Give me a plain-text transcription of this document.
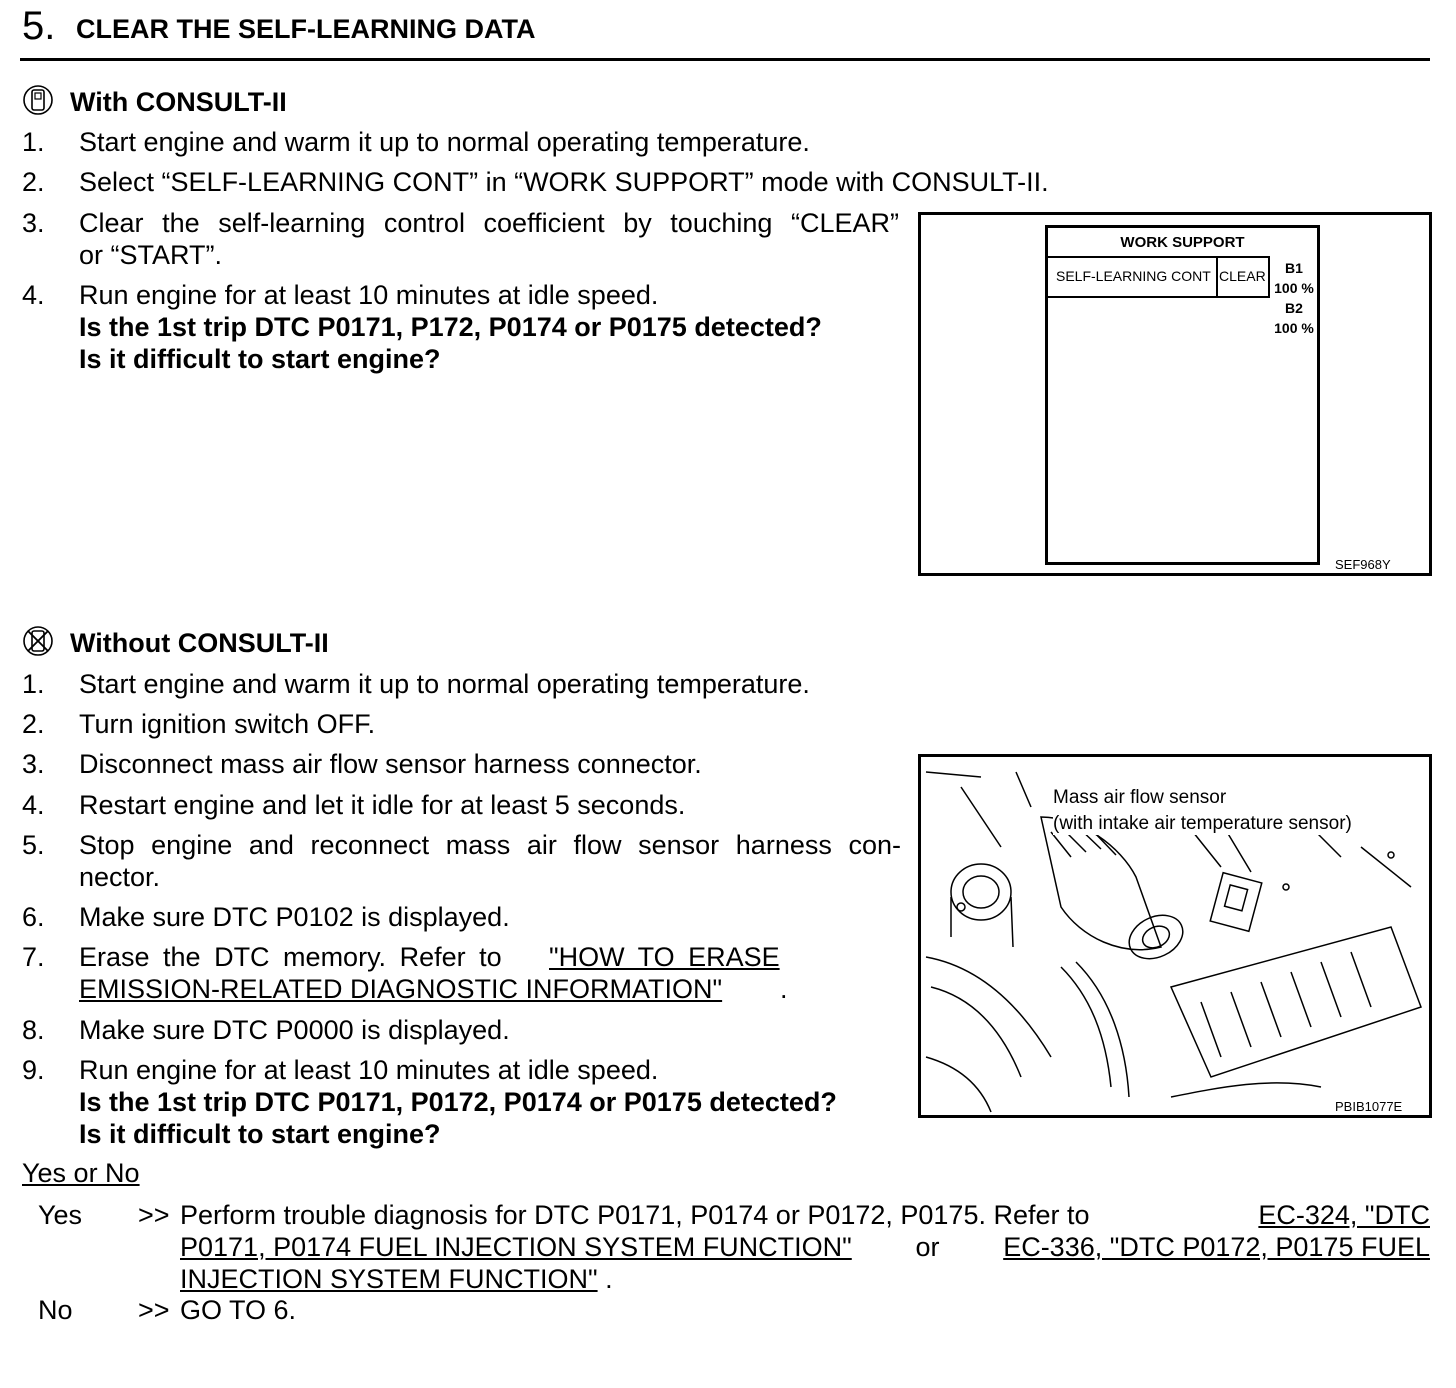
5. CLEAR THE SELF-LEARNING DATA
With CONSULT-II
1. Start engine and warm it up to normal operating temperature.
2. Select “SELF-LEARNING CONT” in “WORK SUPPORT” mode with CONSULT-II.
3. Clear the self-learning control coefficient by touching “CLEAR”
or “START”.
4. Run engine for at least 10 minutes at idle speed.
Is the 1st trip DTC P0171, P172, P0174 or P0175 detected?
Is it difficult to start engine?
WORK SUPPORT
SELF-LEARNING CONT CLEAR	B1
100 %
B2
100 %
SEF968Y
Without CONSULT-II
1. Start engine and warm it up to normal operating temperature.
2. Turn ignition switch OFF.
3. Disconnect mass air flow sensor harness connector.
4. Restart engine and let it idle for at least 5 seconds.
5. Stop engine and reconnect mass air flow sensor harness con-
nector.
6. Make sure DTC P0102 is displayed.
7. Erase the DTC memory. Refer to "HOW TO ERASE
EMISSION-RELATED DIAGNOSTIC INFORMATION" .
8. Make sure DTC P0000 is displayed.
9. Run engine for at least 10 minutes at idle speed.
Is the 1st trip DTC P0171, P0172, P0174 or P0175 detected?
Is it difficult to start engine?
Mass air flow sensor
(with intake air temperature sensor)
PBIB1077E
Yes or No
Yes >> Perform trouble diagnosis for DTC P0171, P0174 or P0172, P0175. Refer to	EC-324, "DTC
P0171, P0174 FUEL INJECTION SYSTEM FUNCTION" or EC-336, "DTC P0172, P0175 FUEL
INJECTION SYSTEM FUNCTION" .
No >> GO TO 6.
